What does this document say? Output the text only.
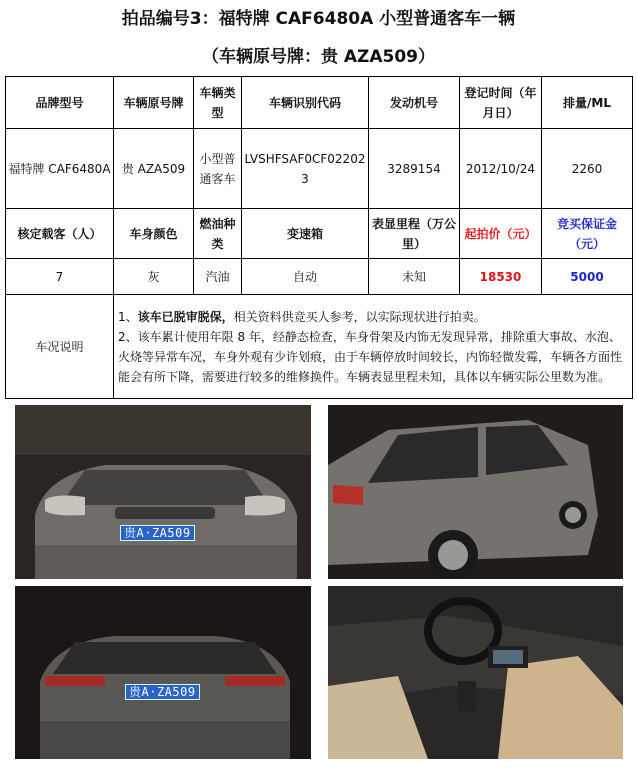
拍品编号3：福特牌 CAF6480A 小型普通客车一辆
（车辆原号牌：贵 AZA509）
品牌型号	车辆原号牌	车辆类型	车辆识别代码	发动机号	登记时间（年月日）	排量/ML
福特牌 CAF6480A	贵 AZA509	小型普通客车	LVSHFSAF0CF022023	3289154	2012/10/24	2260
核定载客（人）	车身颜色	燃油种类	变速箱	表显里程（万公里）	起拍价（元）	竞买保证金（元）
7	灰	汽油	自动	未知	18530	5000
车况说明	1、该车已脱审脱保，相关资料供竞买人参考，以实际现状进行拍卖。
2、该车累计使用年限 8 年，经静态检查，车身骨架及内饰无发现异常，排除重大事故、水泡、火烧等异常车况，车身外观有少许划痕，由于车辆停放时间较长，内饰轻微发霉，车辆各方面性能会有所下降，需要进行较多的维修换件。车辆表显里程未知，具体以车辆实际公里数为准。					
贵A·ZA509
贵A·ZA509
